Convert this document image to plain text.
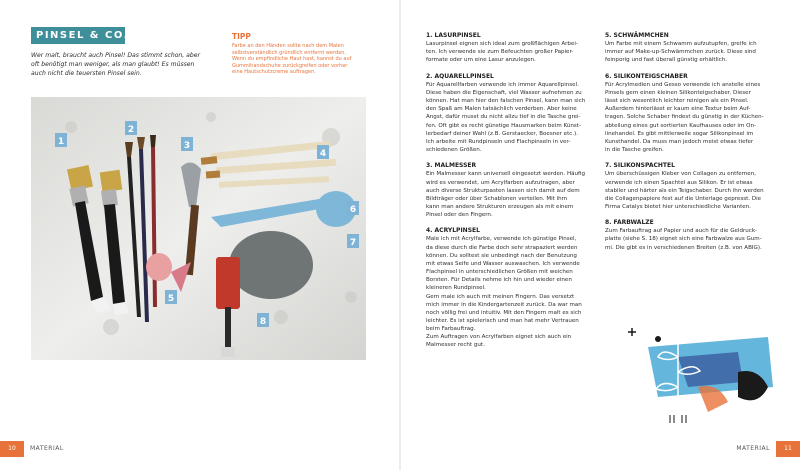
PINSEL & CO.
Wer malt, braucht auch Pinsel! Das stimmt schon, aber
oft benötigt man weniger, als man glaubt! Es müssen
auch nicht die teuersten Pinsel sein.
TIPP
Farbe an den Händen sollte nach dem Malen
selbstverständlich gründlich entfernt werden.
Wenn du empfindliche Haut hast, kannst du auf
Gummihandschuhe zurückgreifen oder vorher
eine Hautschutzcreme auftragen.
1
2
3
4
5
6
7
8
1. LASURPINSEL
Lasurpinsel eignen sich ideal zum großflächigen Arbei-
ten. Ich verwende sie zum Befeuchten großer Papier-
formate oder um eine Lasur anzulegen.
2. AQUARELLPINSEL
Für Aquarellfarben verwende ich immer Aquarellpinsel.
Diese haben die Eigenschaft, viel Wasser aufnehmen zu
können. Hat man hier den falschen Pinsel, kann man sich
den Spaß am Malen tatsächlich verderben. Aber keine
Angst, dafür musst du nicht allzu tief in die Tasche grei-
fen. Oft gibt es recht günstige Hausmarken beim Künst-
lerbedarf deiner Wahl (z.B. Gerstaecker, Boesner etc.).
Ich arbeite mit Rundpinseln und Flachpinseln in ver-
schiedenen Größen.
3. MALMESSER
Ein Malmesser kann universell eingesetzt werden. Häufig
wird es verwendet, um Acrylfarben aufzutragen, aber
auch diverse Strukturpasten lassen sich damit auf dem
Bildträger oder über Schablonen verteilen. Mit ihm
kann man andere Strukturen erzeugen als mit einem
Pinsel oder den Fingern.
4. ACRYLPINSEL
Male ich mit Acrylfarbe, verwende ich günstige Pinsel,
da diese durch die Farbe doch sehr strapaziert werden
können. Du solltest sie unbedingt nach der Benutzung
mit etwas Seife und Wasser auswaschen. Ich verwende
Flachpinsel in unterschiedlichen Größen mit weichen
Borsten. Für Details nehme ich hin und wieder einen
kleineren Rundpinsel.
Gern male ich auch mit meinen Fingern. Das versetzt
mich immer in die Kindergartenzeit zurück. Da war man
noch völlig frei und intuitiv. Mit den Fingern malt es sich
leichter. Es ist spielerisch und man hat mehr Vertrauen
beim Farbauftrag.
Zum Auftragen von Acrylfarben eignet sich auch ein
Malmesser recht gut.
5. SCHWÄMMCHEN
Um Farbe mit einem Schwamm aufzutupfen, greife ich
immer auf Make-up-Schwämmchen zurück. Diese sind
feinporig und fast überall günstig erhältlich.
6. SILIKONTEIGSCHABER
Für Acrylmedien und Gesso verwende ich anstelle eines
Pinsels gern einen kleinen Silikonteigschaber. Dieser
lässt sich wesentlich leichter reinigen als ein Pinsel.
Außerdem hinterlässt er kaum eine Textur beim Auf-
tragen. Solche Schaber findest du günstig in der Küchen-
abteilung eines gut sortierten Kaufhauses oder im On-
linehandel. Es gibt mittlerweile sogar Silikonpinsel im
Kunsthandel. Da muss man jedoch meist etwas tiefer
in die Tasche greifen.
7. SILIKONSPACHTEL
Um überschüssigen Kleber von Collagen zu entfernen,
verwende ich einen Spachtel aus Silikon. Er ist etwas
stabiler und härter als ein Teigschaber. Durch ihn werden
die Collagenpapiere fest auf die Unterlage gepresst. Die
Firma Catalys bietet hier unterschiedliche Varianten.
8. FARBWALZE
Zum Farbauftrag auf Papier und auch für die Geldruck-
platte (siehe S. 18) eignet sich eine Farbwalze aus Gum-
mi. Die gibt es in verschiedenen Breiten (z.B. von ABIG).
10	MATERIAL	11
MATERIAL
